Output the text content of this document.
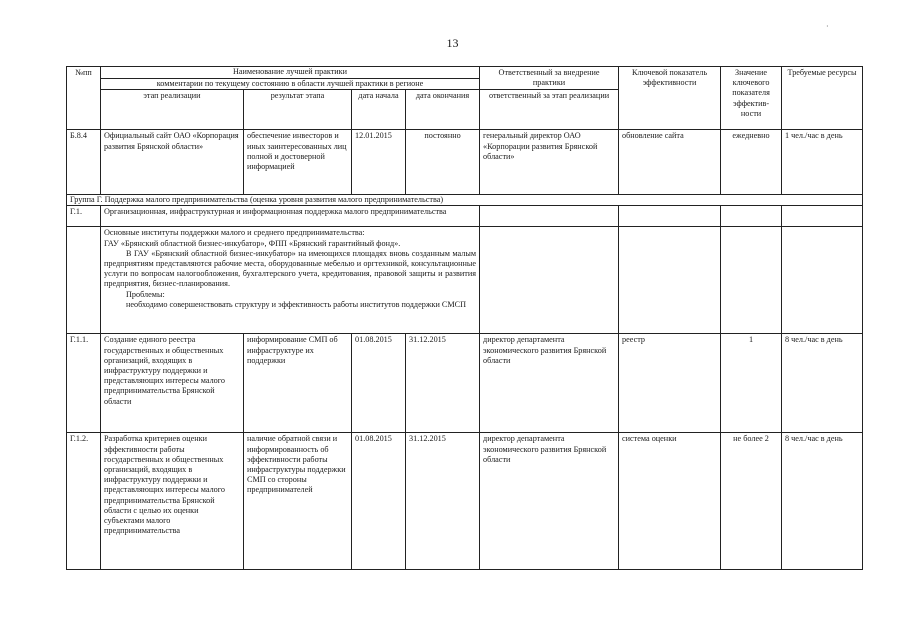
13
·
№пп	Наименование лучшей практики				Ответственный за внедрение практики	Ключевой показатель эффективности	Значение ключевого показателя эффектив-ности	Требуемые ресурсы
	комментарии по текущему состоянию в области лучшей практики в регионе							
	этап реализации	результат этапа	дата начала	дата окончания	ответственный за этап реализации			
Б.8.4	Официальный сайт ОАО «Корпорация развития Брянской области»	обеспечение инвесторов и иных заинтересованных лиц полной и достоверной информацией	12.01.2015	постоянно	генеральный директор ОАО «Корпорации развития Брянской области»	обновление сайта	ежедневно	1 чел./час в день
Группа Г. Поддержка малого предпринимательства (оценка уровня развития малого предпринимательства)								
Г.1.	Организационная, инфраструктурная и информационная поддержка малого предпринимательства							

	Основные институты поддержки малого и среднего предпринимательства:

ГАУ «Брянский областной бизнес-инкубатор», ФПП «Брянский гарантийный фонд».

В ГАУ «Брянский областной бизнес-инкубатор» на имеющихся площадях вновь созданным малым предприятиям представляются рабочие места, оборудованные мебелью и оргтехникой, консультационные услуги по вопросам налогообложения, бухгалтерского учета, кредитования, правовой защиты и развития предприятия, бизнес-планирования.

Проблемы:

необходимо совершенствовать структуру и эффективность работы институтов поддержки СМСП							

Г.1.1.	Создание единого реестра государственных и общественных организаций, входящих в инфраструктуру поддержки и представляющих интересы малого предпринимательства Брянской области	информирование СМП об инфраструктуре их поддержки	01.08.2015	31.12.2015	директор департамента экономического развития Брянской области	реестр	1	8 чел./час в день
Г.1.2.	Разработка критериев оценки эффективности работы государственных и общественных организаций, входящих в инфраструктуру поддержки и представляющих интересы малого предпринимательства Брянской области с целью их оценки субъектами малого предпринимательства	наличие обратной связи и информированность об эффективности работы инфраструктуры поддержки СМП со стороны предпринимателей	01.08.2015	31.12.2015	директор департамента экономического развития Брянской области	система оценки	не более 2	8 чел./час в день
